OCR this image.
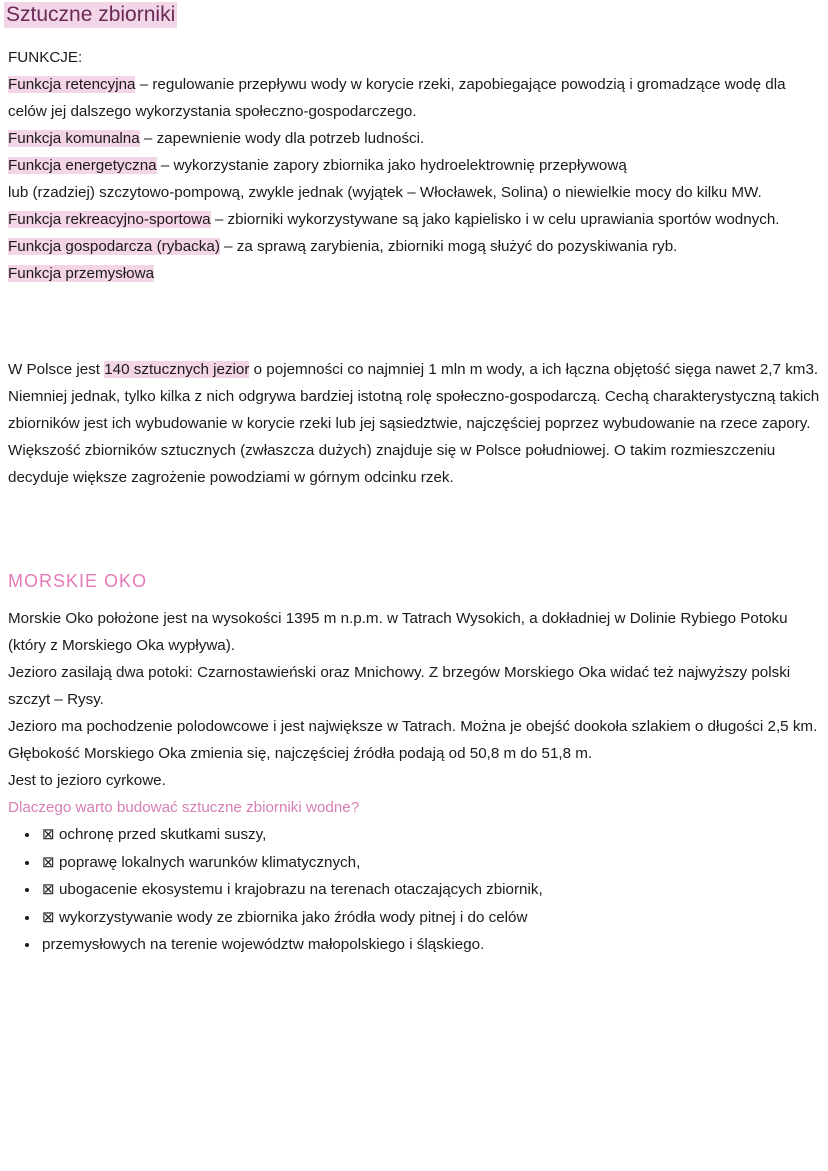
Sztuczne zbiorniki

FUNKCJE:

Funkcja retencyjna – regulowanie przepływu wody w korycie rzeki, zapobiegające powodzią i gromadzące wodę dla celów jej dalszego wykorzystania społeczno-gospodarczego.

Funkcja komunalna – zapewnienie wody dla potrzeb ludności.

Funkcja energetyczna – wykorzystanie zapory zbiornika jako hydroelektrownię przepływową

lub (rzadziej) szczytowo-pompową, zwykle jednak (wyjątek – Włocławek, Solina) o niewielkie mocy do kilku MW.

Funkcja rekreacyjno-sportowa – zbiorniki wykorzystywane są jako kąpielisko i w celu uprawiania sportów wodnych.

Funkcja gospodarcza (rybacka) – za sprawą zarybienia, zbiorniki mogą służyć do pozyskiwania ryb.

Funkcja przemysłowa

W Polsce jest 140 sztucznych jezior o pojemności co najmniej 1 mln m wody, a ich łączna objętość sięga nawet 2,7 km3.

Niemniej jednak, tylko kilka z nich odgrywa bardziej istotną rolę społeczno-gospodarczą. Cechą charakterystyczną takich zbiorników jest ich wybudowanie w korycie rzeki lub jej sąsiedztwie, najczęściej poprzez wybudowanie na rzece zapory.

Większość zbiorników sztucznych (zwłaszcza dużych) znajduje się w Polsce południowej. O takim rozmieszczeniu decyduje większe zagrożenie powodziami w górnym odcinku rzek.

MORSKIE OKO

Morskie Oko położone jest na wysokości 1395 m n.p.m. w Tatrach Wysokich, a dokładniej w Dolinie Rybiego Potoku (który z Morskiego Oka wypływa).

Jezioro zasilają dwa potoki: Czarnostawieński oraz Mnichowy. Z brzegów Morskiego Oka widać też najwyższy polski szczyt – Rysy.

Jezioro ma pochodzenie polodowcowe i jest największe w Tatrach. Można je obejść dookoła szlakiem o długości 2,5 km.

Głębokość Morskiego Oka zmienia się, najczęściej źródła podają od 50,8 m do 51,8 m.

Jest to jezioro cyrkowe.

Dlaczego warto budować sztuczne zbiorniki wodne?

• ⊠ ochronę przed skutkami suszy,
• ⊠ poprawę lokalnych warunków klimatycznych,
• ⊠ ubogacenie ekosystemu i krajobrazu na terenach otaczających zbiornik,
• ⊠ wykorzystywanie wody ze zbiornika jako źródła wody pitnej i do celów
• przemysłowych na terenie województw małopolskiego i śląskiego.
